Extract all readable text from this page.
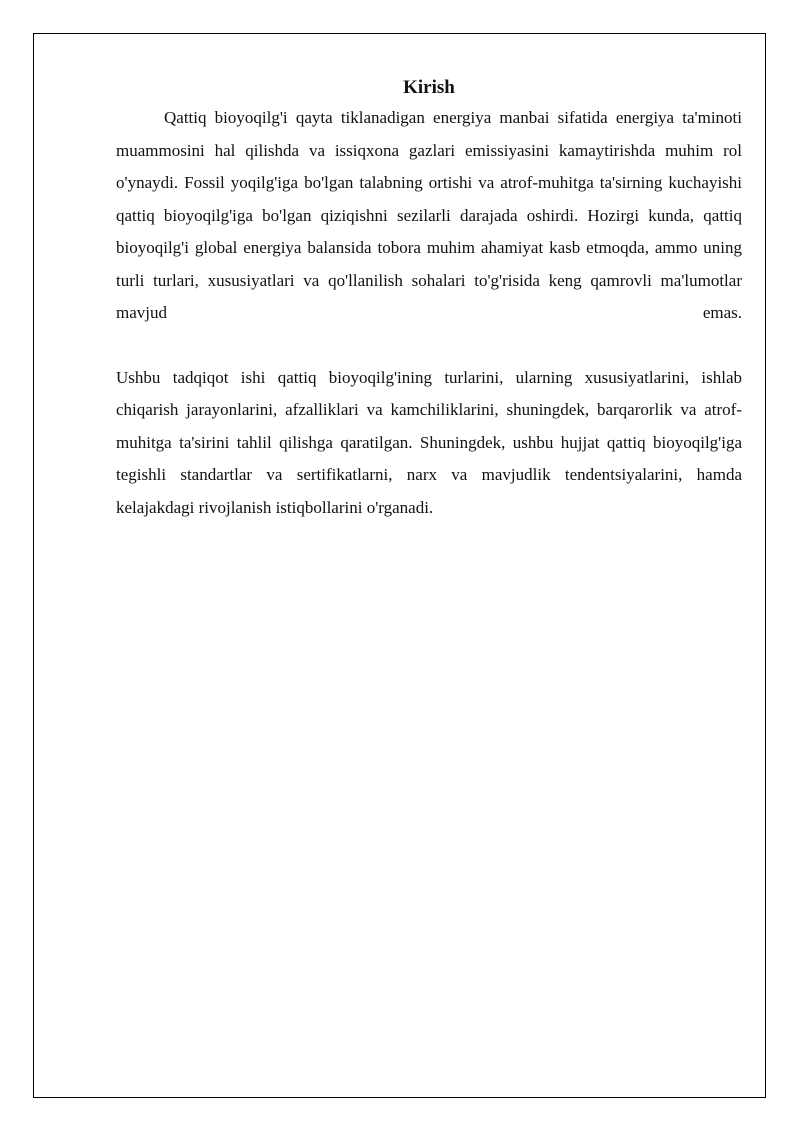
Kirish

Qattiq bioyoqilg'i qayta tiklanadigan energiya manbai sifatida energiya ta'minoti muammosini hal qilishda va issiqxona gazlari emissiyasini kamaytirishda muhim rol o'ynaydi. Fossil yoqilg'iga bo'lgan talabning ortishi va atrof-muhitga ta'sirning kuchayishi qattiq bioyoqilg'iga bo'lgan qiziqishni sezilarli darajada oshirdi. Hozirgi kunda, qattiq bioyoqilg'i global energiya balansida tobora muhim ahamiyat kasb etmoqda, ammo uning turli turlari, xususiyatlari va qo'llanilish sohalari to'g'risida keng qamrovli ma'lumotlar mavjud emas.

Ushbu tadqiqot ishi qattiq bioyoqilg'ining turlarini, ularning xususiyatlarini, ishlab chiqarish jarayonlarini, afzalliklari va kamchiliklarini, shuningdek, barqarorlik va atrof-muhitga ta'sirini tahlil qilishga qaratilgan. Shuningdek, ushbu hujjat qattiq bioyoqilg'iga tegishli standartlar va sertifikatlarni, narx va mavjudlik tendentsiyalarini, hamda kelajakdagi rivojlanish istiqbollarini o'rganadi.
